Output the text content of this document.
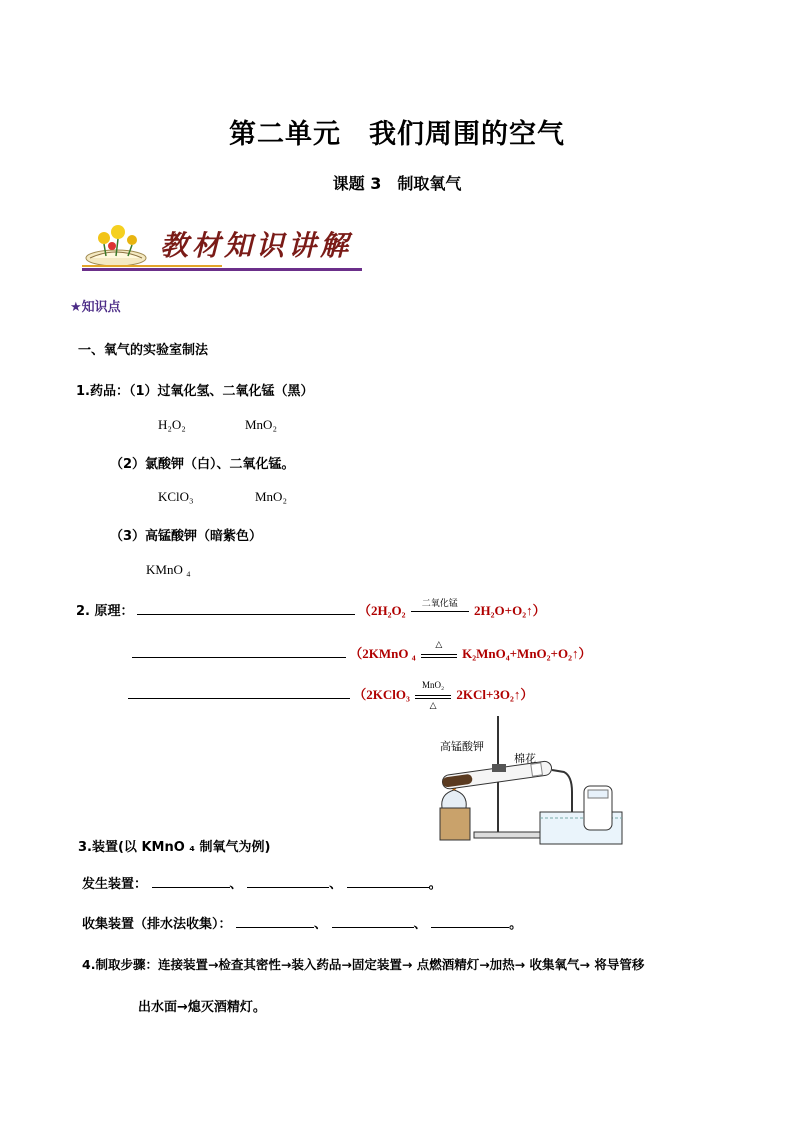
第二单元　我们周围的空气
课题 3　制取氧气
教材知识讲解
★知识点
一、氧气的实验室制法
1.药品：（1）过氧化氢、二氧化锰（黑）
H₂O₂	MnO₂
（2）氯酸钾（白）、二氧化锰。
KClO₃	MnO₂
（3）高锰酸钾（暗紫色）
KMnO ₄
2. 原理：	（2H₂O₂	二氧化锰	2H₂O+O₂↑）
（2KMnO ₄
△
K₂MnO₄+MnO₂+O₂↑）
（2KClO₃
MnO₂
△
2KCl+3O₂↑）
高锰酸钾
棉花
3.装置(以 KMnO ₄ 制氧气为例)
发生装置：	、	、	。
收集装置（排水法收集）：	、	、	。
4.制取步骤：连接装置→检查其密性→装入药品→固定装置→ 点燃酒精灯→加热→ 收集氧气→ 将导管移
出水面→熄灭酒精灯。
